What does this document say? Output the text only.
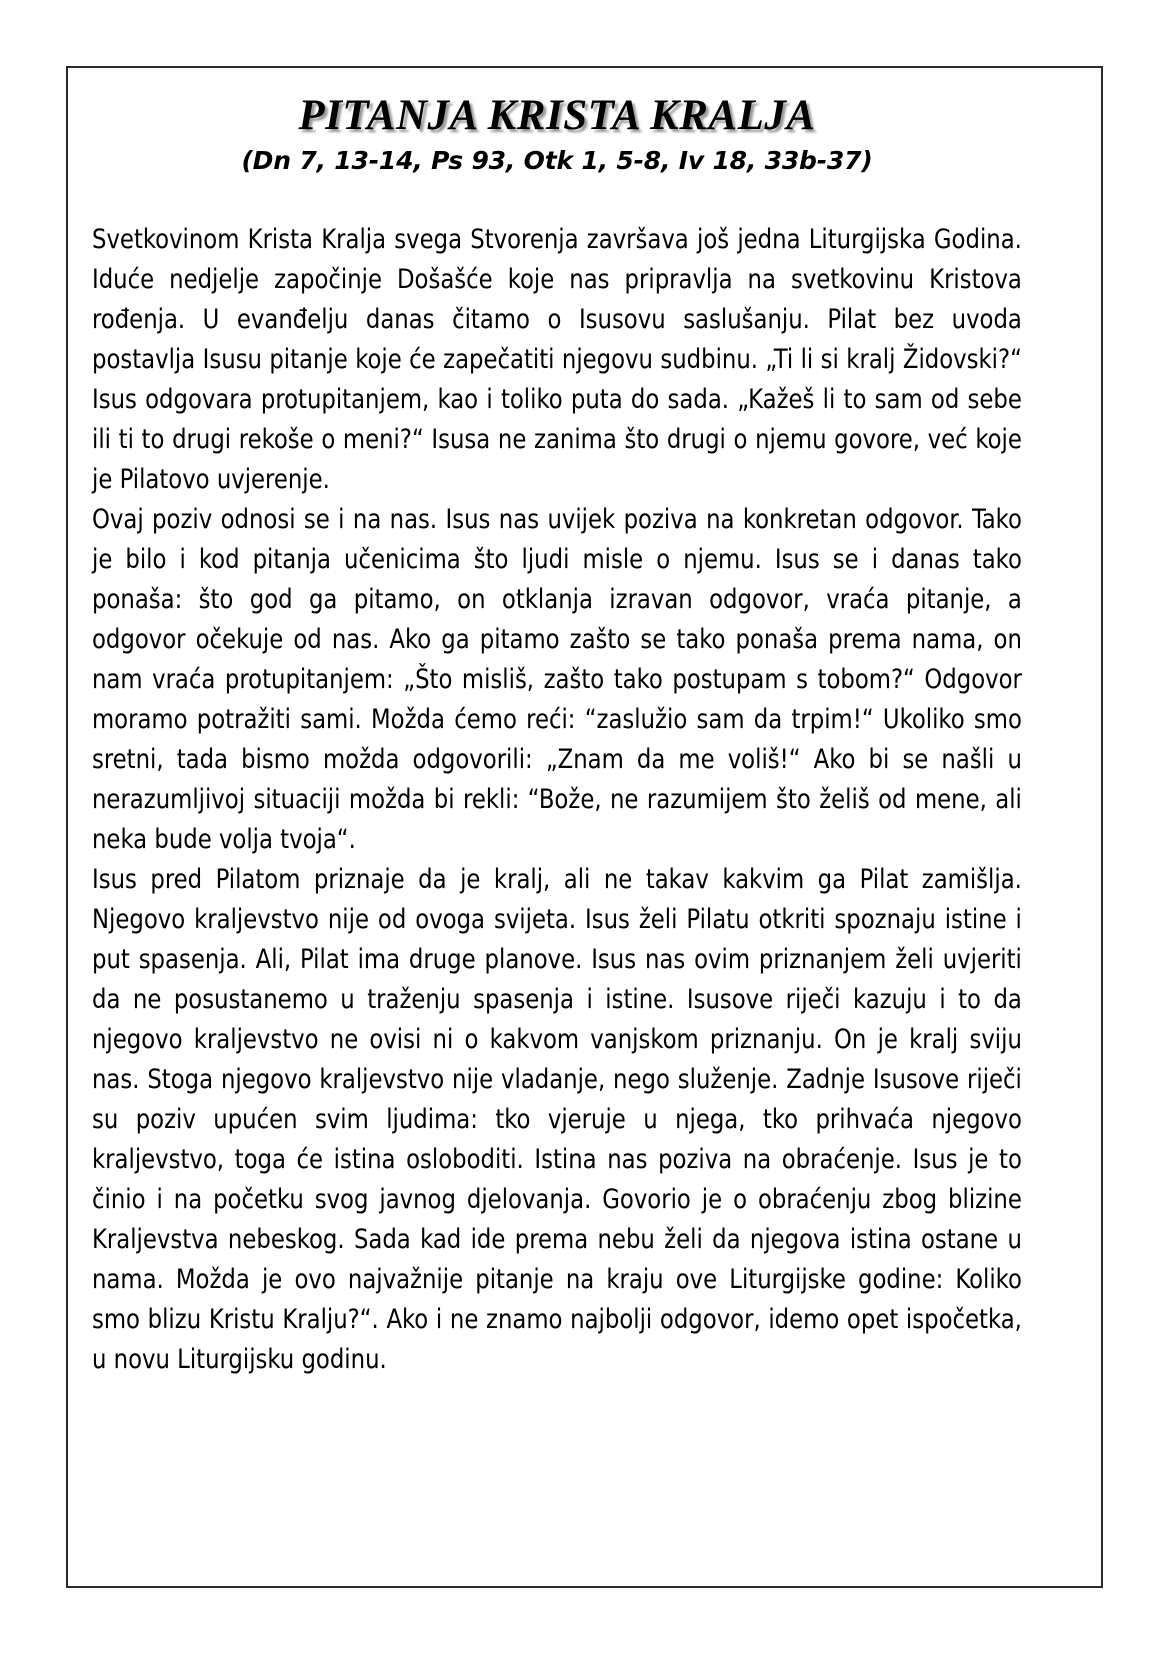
PITANJA KRISTA KRALJA
(Dn 7, 13-14, Ps 93, Otk 1, 5-8, Iv 18, 33b-37)

Svetkovinom Krista Kralja svega Stvorenja završava još jedna Liturgijska Godina. Iduće nedjelje započinje Došašće koje nas pripravlja na svetkovinu Kristova rođenja. U evanđelju danas čitamo o Isusovu saslušanju. Pilat bez uvoda postavlja Isusu pitanje koje će zapečatiti njegovu sudbinu. „Ti li si kralj Židovski?“ Isus odgovara protupitanjem, kao i toliko puta do sada. „Kažeš li to sam od sebe ili ti to drugi rekoše o meni?“ Isusa ne zanima što drugi o njemu govore, već koje je Pilatovo uvjerenje.

Ovaj poziv odnosi se i na nas. Isus nas uvijek poziva na konkretan odgovor. Tako je bilo i kod pitanja učenicima što ljudi misle o njemu. Isus se i danas tako ponaša: što god ga pitamo, on otklanja izravan odgovor, vraća pitanje, a odgovor očekuje od nas. Ako ga pitamo zašto se tako ponaša prema nama, on nam vraća protupitanjem: „Što misliš, zašto tako postupam s tobom?“ Odgovor moramo potražiti sami. Možda ćemo reći: “zaslužio sam da trpim!“ Ukoliko smo sretni, tada bismo možda odgovorili: „Znam da me voliš!“ Ako bi se našli u nerazumljivoj situaciji možda bi rekli: “Bože, ne razumijem što želiš od mene, ali neka bude volja tvoja“.

Isus pred Pilatom priznaje da je kralj, ali ne takav kakvim ga Pilat zamišlja. Njegovo kraljevstvo nije od ovoga svijeta. Isus želi Pilatu otkriti spoznaju istine i put spasenja. Ali, Pilat ima druge planove. Isus nas ovim priznanjem želi uvjeriti da ne posustanemo u traženju spasenja i istine. Isusove riječi kazuju i to da njegovo kraljevstvo ne ovisi ni o kakvom vanjskom priznanju. On je kralj sviju nas. Stoga njegovo kraljevstvo nije vladanje, nego služenje. Zadnje Isusove riječi su poziv upućen svim ljudima: tko vjeruje u njega, tko prihvaća njegovo kraljevstvo, toga će istina osloboditi. Istina nas poziva na obraćenje. Isus je to činio i na početku svog javnog djelovanja. Govorio je o obraćenju zbog blizine Kraljevstva nebeskog. Sada kad ide prema nebu želi da njegova istina ostane u nama. Možda je ovo najvažnije pitanje na kraju ove Liturgijske godine: Koliko smo blizu Kristu Kralju?“. Ako i ne znamo najbolji odgovor, idemo opet ispočetka, u novu Liturgijsku godinu.
